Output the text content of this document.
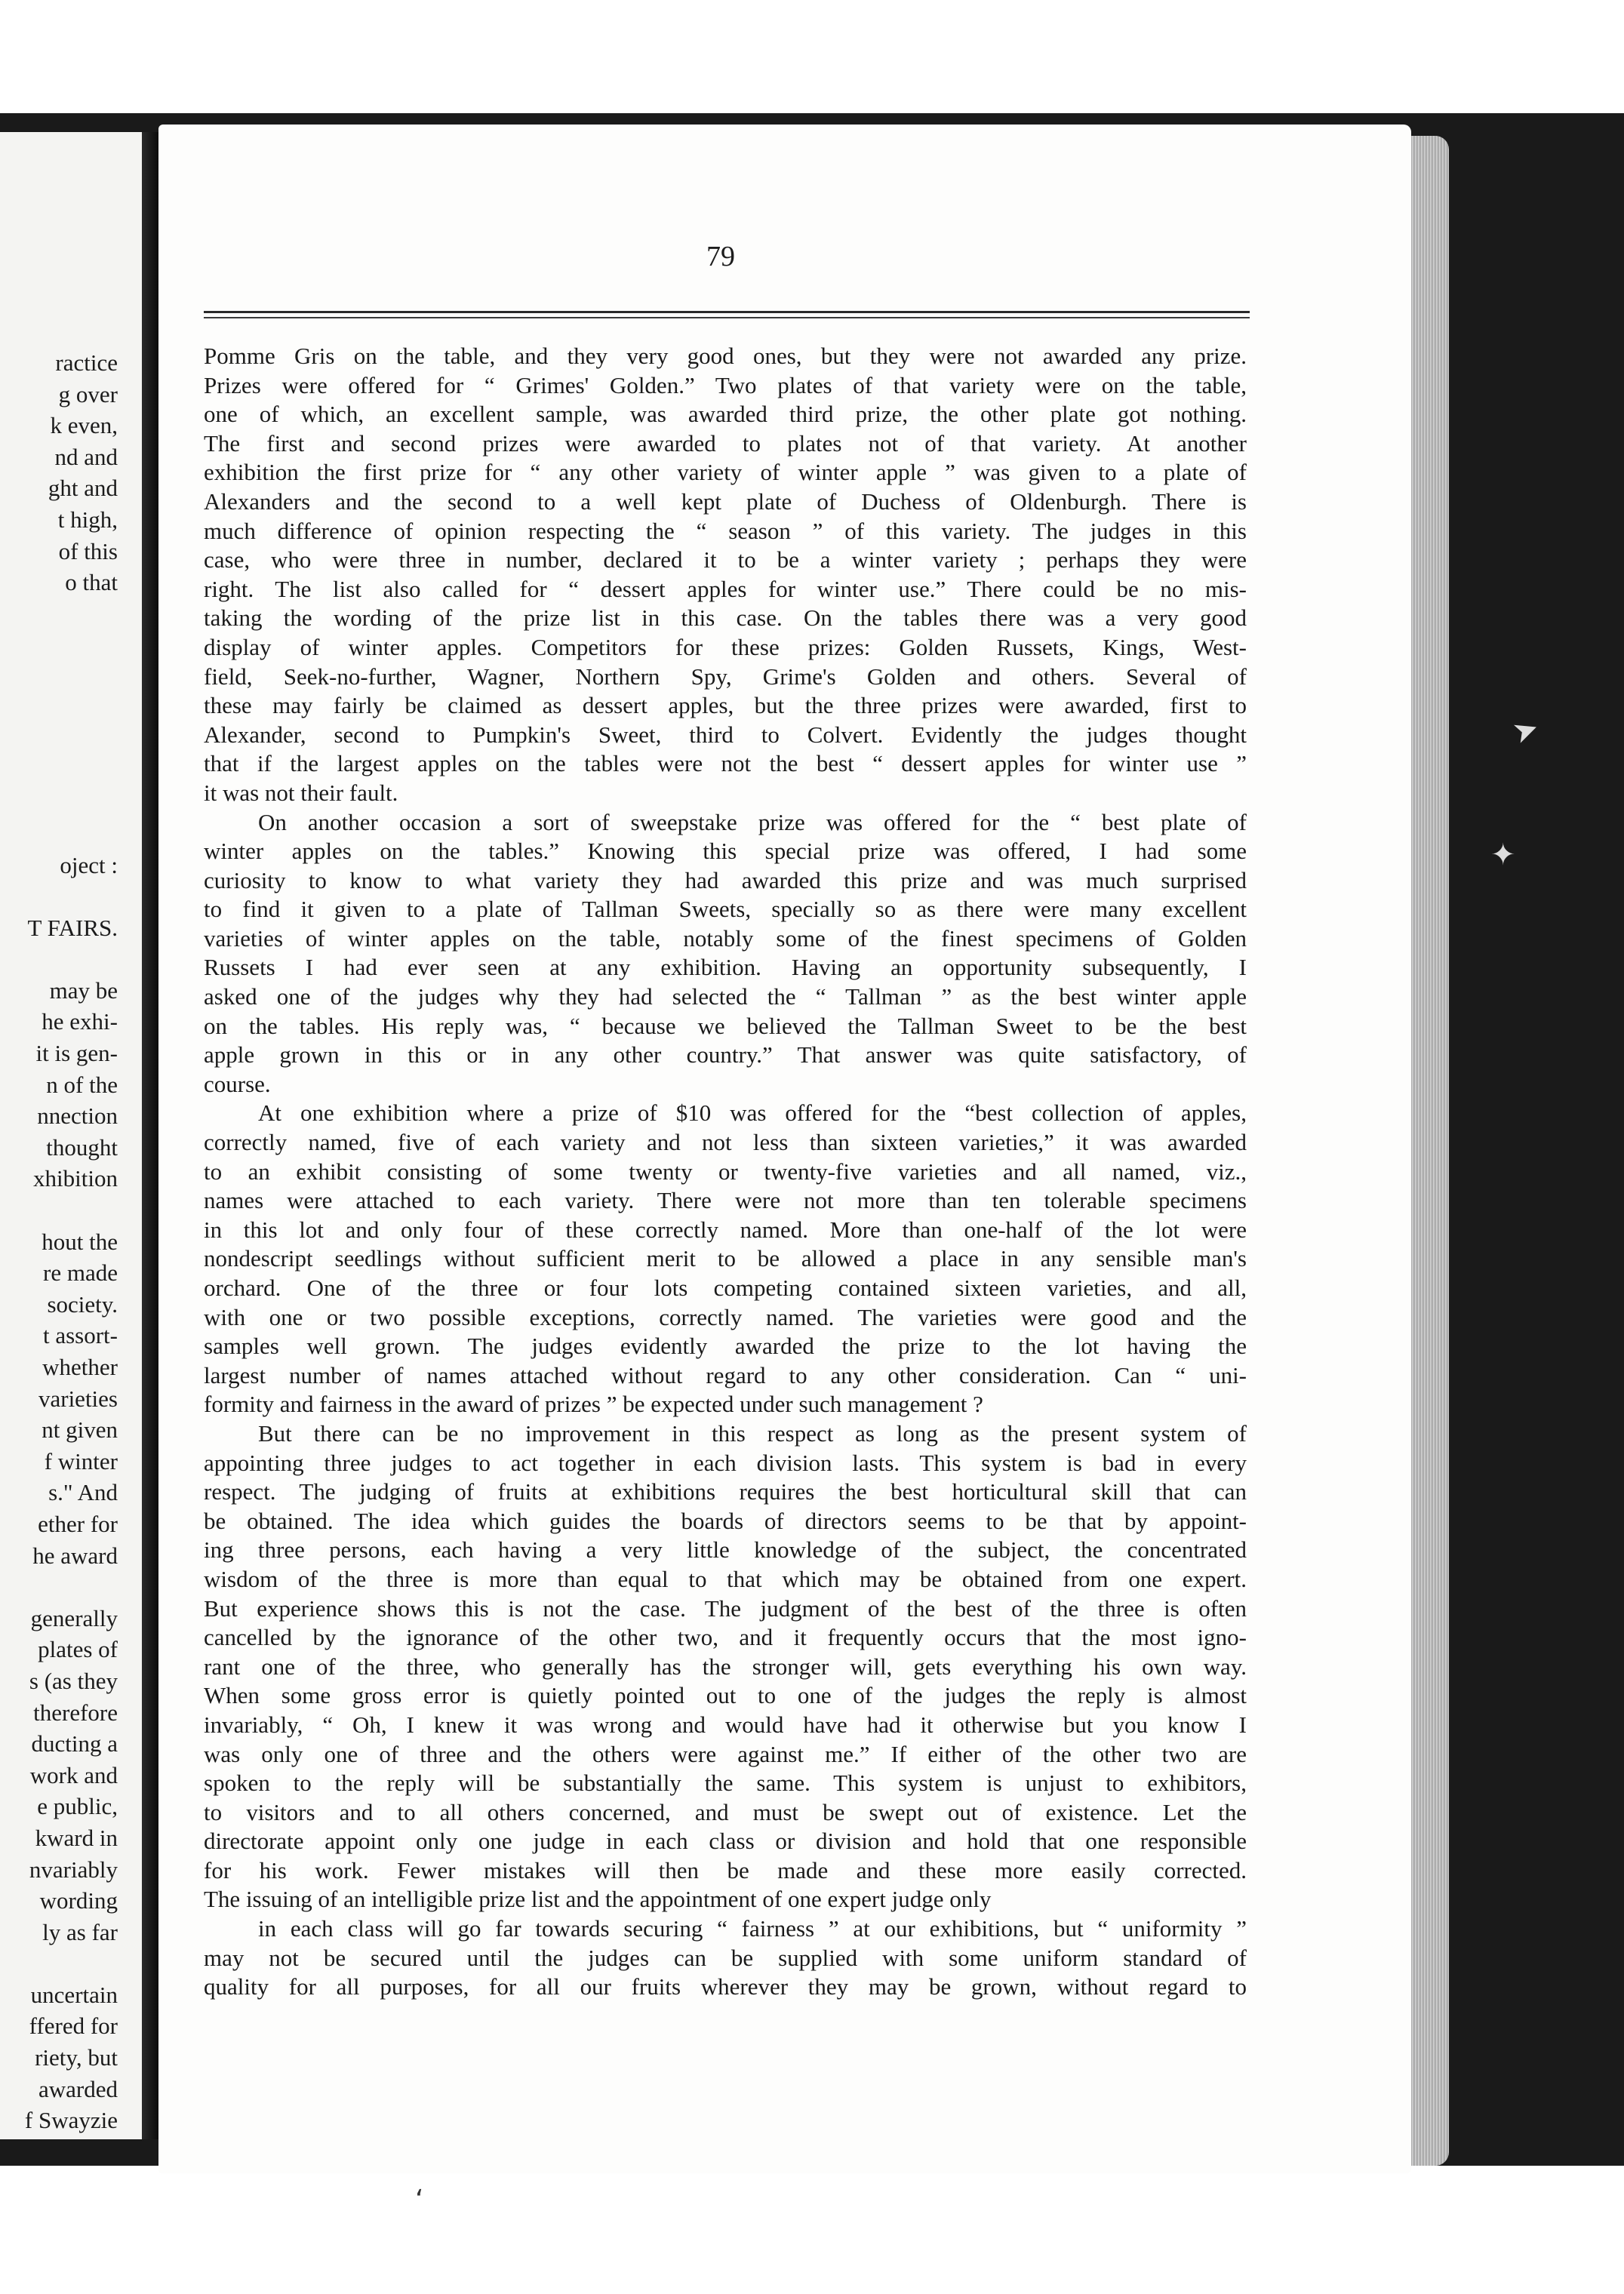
ractice
g over
k even,
nd and
ght and
t high,
of this
o that
oject :
T FAIRS.
may be
he exhi-
it is gen-
n of the
nnection
thought
xhibition
hout the
re made
society.
t assort-
whether
varieties
nt given
f winter
s." And
ether for
he award
generally
plates of
s (as they
therefore
ducting a
work and
e public,
kward in
nvariably
wording
ly as far
uncertain
ffered for
riety, but
awarded
f Swayzie
79
Pomme Gris on the table, and they very good ones, but they were not awarded any prize.
Prizes were offered for “ Grimes' Golden.” Two plates of that variety were on the table,
one of which, an excellent sample, was awarded third prize, the other plate got nothing.
The first and second prizes were awarded to plates not of that variety. At another
exhibition the first prize for “ any other variety of winter apple ” was given to a plate of
Alexanders and the second to a well kept plate of Duchess of Oldenburgh. There is
much difference of opinion respecting the “ season ” of this variety. The judges in this
case, who were three in number, declared it to be a winter variety ; perhaps they were
right. The list also called for “ dessert apples for winter use.” There could be no mis-
taking the wording of the prize list in this case. On the tables there was a very good
display of winter apples. Competitors for these prizes: Golden Russets, Kings, West-
field, Seek-no-further, Wagner, Northern Spy, Grime's Golden and others. Several of
these may fairly be claimed as dessert apples, but the three prizes were awarded, first to
Alexander, second to Pumpkin's Sweet, third to Colvert. Evidently the judges thought
that if the largest apples on the tables were not the best “ dessert apples for winter use ”
it was not their fault.
On another occasion a sort of sweepstake prize was offered for the “ best plate of
winter apples on the tables.” Knowing this special prize was offered, I had some
curiosity to know to what variety they had awarded this prize and was much surprised
to find it given to a plate of Tallman Sweets, specially so as there were many excellent
varieties of winter apples on the table, notably some of the finest specimens of Golden
Russets I had ever seen at any exhibition. Having an opportunity subsequently, I
asked one of the judges why they had selected the “ Tallman ” as the best winter apple
on the tables. His reply was, “ because we believed the Tallman Sweet to be the best
apple grown in this or in any other country.” That answer was quite satisfactory, of
course.
At one exhibition where a prize of $10 was offered for the “best collection of apples,
correctly named, five of each variety and not less than sixteen varieties,” it was awarded
to an exhibit consisting of some twenty or twenty-five varieties and all named, viz.,
names were attached to each variety. There were not more than ten tolerable specimens
in this lot and only four of these correctly named. More than one-half of the lot were
nondescript seedlings without sufficient merit to be allowed a place in any sensible man's
orchard. One of the three or four lots competing contained sixteen varieties, and all,
with one or two possible exceptions, correctly named. The varieties were good and the
samples well grown. The judges evidently awarded the prize to the lot having the
largest number of names attached without regard to any other consideration. Can “ uni-
formity and fairness in the award of prizes ” be expected under such management ?
But there can be no improvement in this respect as long as the present system of
appointing three judges to act together in each division lasts. This system is bad in every
respect. The judging of fruits at exhibitions requires the best horticultural skill that can
be obtained. The idea which guides the boards of directors seems to be that by appoint-
ing three persons, each having a very little knowledge of the subject, the concentrated
wisdom of the three is more than equal to that which may be obtained from one expert.
But experience shows this is not the case. The judgment of the best of the three is often
cancelled by the ignorance of the other two, and it frequently occurs that the most igno-
rant one of the three, who generally has the stronger will, gets everything his own way.
When some gross error is quietly pointed out to one of the judges the reply is almost
invariably, “ Oh, I knew it was wrong and would have had it otherwise but you know I
was only one of three and the others were against me.” If either of the other two are
spoken to the reply will be substantially the same. This system is unjust to exhibitors,
to visitors and to all others concerned, and must be swept out of existence. Let the
directorate appoint only one judge in each class or division and hold that one responsible
for his work. Fewer mistakes will then be made and these more easily corrected.
The issuing of an intelligible prize list and the appointment of one expert judge only
in each class will go far towards securing “ fairness ” at our exhibitions, but “ uniformity ”
may not be secured until the judges can be supplied with some uniform standard of
quality for all purposes, for all our fruits wherever they may be grown, without regard to
➤
✦
‘
